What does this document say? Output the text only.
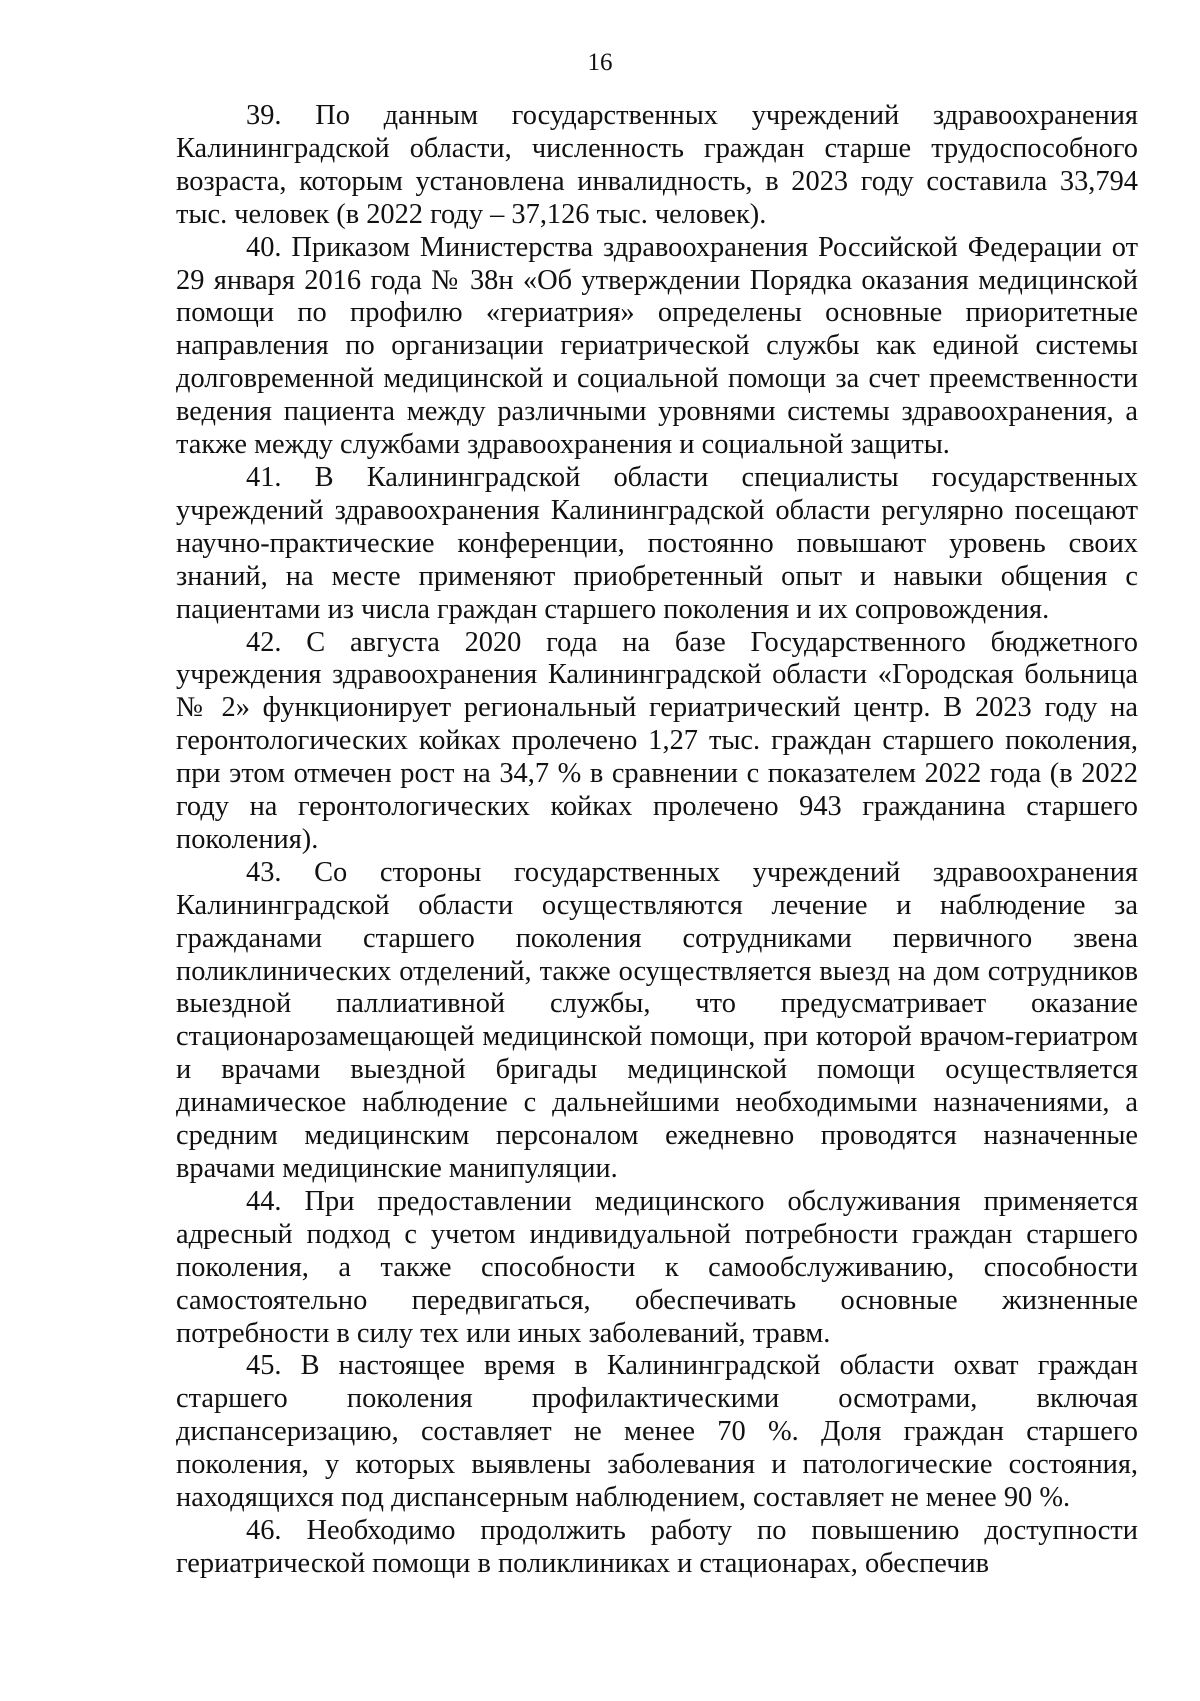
16

39. По данным государственных учреждений здравоохранения Калининградской области, численность граждан старше трудоспособного возраста, которым установлена инвалидность, в 2023 году составила 33,794 тыс. человек (в 2022 году – 37,126 тыс. человек).

40. Приказом Министерства здравоохранения Российской Федерации от 29 января 2016 года № 38н «Об утверждении Порядка оказания медицинской помощи по профилю «гериатрия» определены основные приоритетные направления по организации гериатрической службы как единой системы долговременной медицинской и социальной помощи за счет преемственности ведения пациента между различными уровнями системы здравоохранения, а также между службами здравоохранения и социальной защиты.

41. В Калининградской области специалисты государственных учреждений здравоохранения Калининградской области регулярно посещают научно-практические конференции, постоянно повышают уровень своих знаний, на месте применяют приобретенный опыт и навыки общения с пациентами из числа граждан старшего поколения и их сопровождения.

42. С августа 2020 года на базе Государственного бюджетного учреждения здравоохранения Калининградской области «Городская больница № 2» функционирует региональный гериатрический центр. В 2023 году на геронтологических койках пролечено 1,27 тыс. граждан старшего поколения, при этом отмечен рост на 34,7 % в сравнении с показателем 2022 года (в 2022 году на геронтологических койках пролечено 943 гражданина старшего поколения).

43. Со стороны государственных учреждений здравоохранения Калининградской области осуществляются лечение и наблюдение за гражданами старшего поколения сотрудниками первичного звена поликлинических отделений, также осуществляется выезд на дом сотрудников выездной паллиативной службы, что предусматривает оказание стационарозамещающей медицинской помощи, при которой врачом-гериатром и врачами выездной бригады медицинской помощи осуществляется динамическое наблюдение с дальнейшими необходимыми назначениями, а средним медицинским персоналом ежедневно проводятся назначенные врачами медицинские манипуляции.

44. При предоставлении медицинского обслуживания применяется адресный подход с учетом индивидуальной потребности граждан старшего поколения, а также способности к самообслуживанию, способности самостоятельно передвигаться, обеспечивать основные жизненные потребности в силу тех или иных заболеваний, травм.

45. В настоящее время в Калининградской области охват граждан старшего поколения профилактическими осмотрами, включая диспансеризацию, составляет не менее 70 %. Доля граждан старшего поколения, у которых выявлены заболевания и патологические состояния, находящихся под диспансерным наблюдением, составляет не менее 90 %.

46. Необходимо продолжить работу по повышению доступности гериатрической помощи в поликлиниках и стационарах, обеспечив
